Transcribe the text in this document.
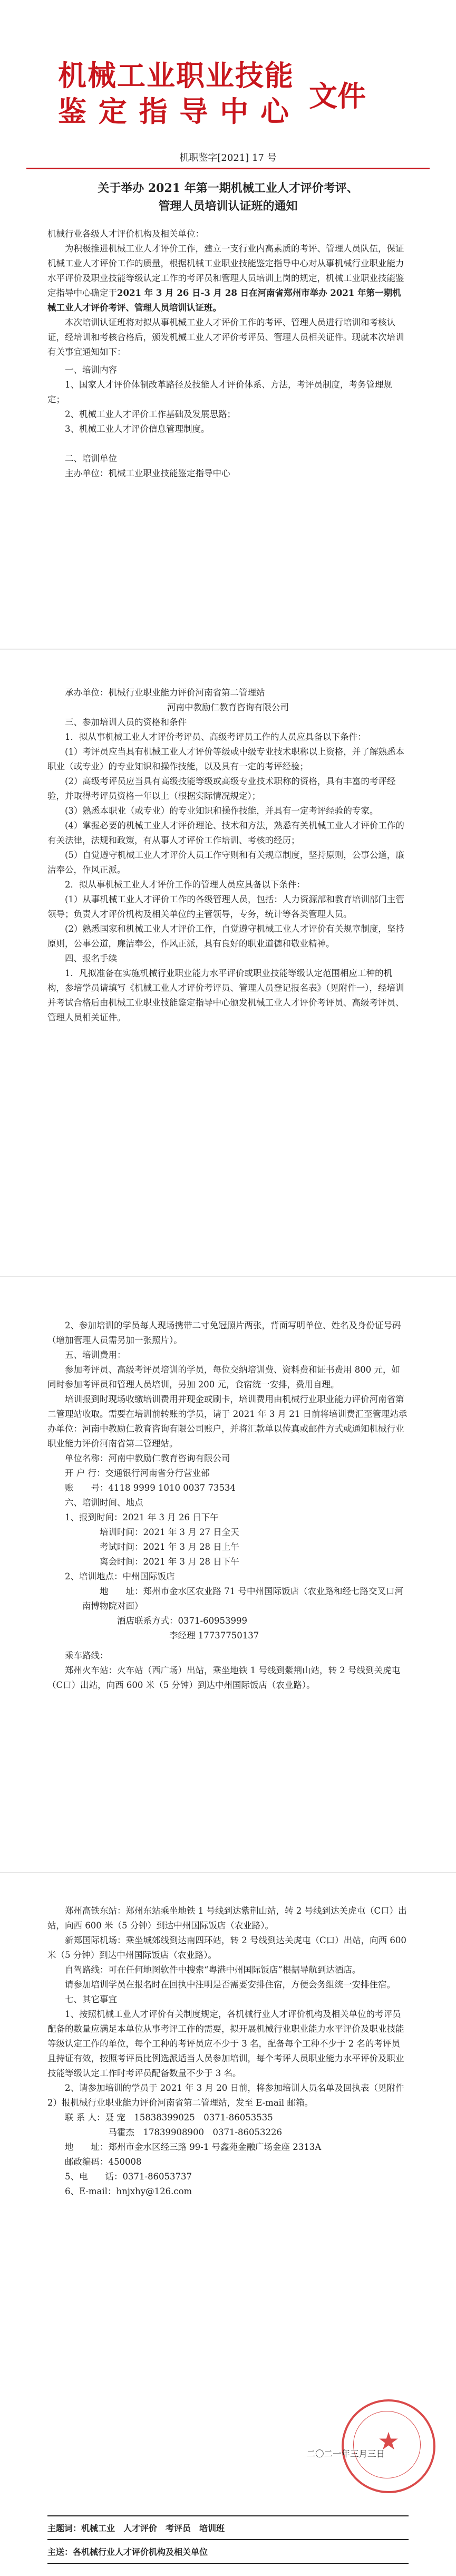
机械工业职业技能
鉴 定 指 导 中 心 文件
机职鉴字[2021] 17 号
关于举办 2021 年第一期机械工业人才评价考评、
管理人员培训认证班的通知

机械行业各级人才评价机构及相关单位：

为积极推进机械工业人才评价工作，建立一支行业内高素质的考评、管理人员队伍，保证机械工业人才评价工作的质量，根据机械工业职业技能鉴定指导中心对从事机械行业职业能力水平评价及职业技能等级认定工作的考评员和管理人员培训上岗的规定，机械工业职业技能鉴定指导中心确定于2021 年 3 月 26 日-3 月 28 日在河南省郑州市举办 2021 年第一期机械工业人才评价考评、管理人员培训认证班。

本次培训认证班将对拟从事机械工业人才评价工作的考评、管理人员进行培训和考核认证，经培训和考核合格后，颁发机械工业人才评价考评员、管理人员相关证件。现就本次培训有关事宜通知如下：

一、培训内容

1、国家人才评价体制改革路径及技能人才评价体系、方法，考评员制度，考务管理规定；

2、机械工业人才评价工作基础及发展思路；

3、机械工业人才评价信息管理制度。

二、培训单位

主办单位：机械工业职业技能鉴定指导中心

承办单位：机械行业职业能力评价河南省第二管理站

河南中教励仁教育咨询有限公司

三、参加培训人员的资格和条件

1．拟从事机械工业人才评价考评员、高级考评员工作的人员应具备以下条件：

(1）考评员应当具有机械工业人才评价等级或中级专业技术职称以上资格，并了解熟悉本职业（或专业）的专业知识和操作技能，以及具有一定的考评经验；

(2）高级考评员应当具有高级技能等级或高级专业技术职称的资格，具有丰富的考评经验，并取得考评员资格一年以上（根据实际情况规定）；

(3）熟悉本职业（或专业）的专业知识和操作技能，并具有一定考评经验的专家。

(4）掌握必要的机械工业人才评价理论、技术和方法，熟悉有关机械工业人才评价工作的有关法律，法规和政策，有从事人才评价工作培训、考核的经历；

(5）自觉遵守机械工业人才评价人员工作守则和有关规章制度，坚持原则，公事公道，廉洁奉公，作风正派。

2．拟从事机械工业人才评价工作的管理人员应具备以下条件：

(1）从事机械工业人才评价工作的各级管理人员，包括：人力资源部和教育培训部门主管领导；负责人才评价机构及相关单位的主管领导，专务，统计等各类管理人员。

(2）熟悉国家和机械工业人才评价工作，自觉遵守机械工业人才评价有关规章制度，坚持原则，公事公道，廉洁奉公，作风正派，具有良好的职业道德和敬业精神。

四、报名手续

1．凡拟准备在实施机械行业职业能力水平评价或职业技能等级认定范围相应工种的机构，参培学员请填写《机械工业人才评价考评员、管理人员登记报名表》（见附件一），经培训并考试合格后由机械工业职业技能鉴定指导中心颁发机械工业人才评价考评员、高级考评员、管理人员相关证件。

2、参加培训的学员每人现场携带二寸免冠照片两张，背面写明单位、姓名及身份证号码（增加管理人员需另加一张照片）。

五、培训费用：

参加考评员、高级考评员培训的学员，每位交纳培训费、资料费和证书费用 800 元，如同时参加考评员和管理人员培训，另加 200 元，食宿统一安排，费用自理。

培训报到时现场收缴培训费用并现金或刷卡，培训费用由机械行业职业能力评价河南省第二管理站收取。需要在培训前转账的学员，请于 2021 年 3 月 21 日前将培训费汇至管理站承办单位：河南中教励仁教育咨询有限公司账户，并将汇款单以传真或邮件方式或通知机械行业职业能力评价河南省第二管理站。

单位名称：河南中教励仁教育咨询有限公司

开 户 行：交通银行河南省分行营业部

账　　号：4118 9999 1010 0037 73534

六、培训时间、地点

1、报到时间：2021 年 3 月 26 日下午

培训时间：2021 年 3 月 27 日全天

考试时间：2021 年 3 月 28 日上午

离会时间：2021 年 3 月 28 日下午

2、培训地点：中州国际饭店

地　　址：郑州市金水区农业路 71 号中州国际饭店（农业路和经七路交叉口河南博物院对面）

酒店联系方式：0371-60953999

李经理 17737750137

乘车路线：

郑州火车站：火车站（西广场）出站，乘坐地铁 1 号线到紫荆山站，转 2 号线到关虎屯（C口）出站，向西 600 米（5 分钟）到达中州国际饭店（农业路）。

郑州高铁东站：郑州东站乘坐地铁 1 号线到达紫荆山站，转 2 号线到达关虎屯（C口）出站，向西 600 米（5 分钟）到达中州国际饭店（农业路）。

新郑国际机场：乘坐城郊线到达南四环站，转 2 号线到达关虎屯（C口）出站，向西 600 米（5 分钟）到达中州国际饭店（农业路）。

自驾路线：可在任何地图软件中搜索“粤港中州国际饭店”根据导航到达酒店。

请参加培训学员在报名时在回执中注明是否需要安排住宿，方便会务组统一安排住宿。

七、其它事宜

1、按照机械工业人才评价有关制度规定，各机械行业人才评价机构及相关单位的考评员配备的数量应满足本单位从事考评工作的需要，拟开展机械行业职业能力水平评价及职业技能等级认定工作的单位，每个工种的考评员应不少于 3 名，配备每个工种不少于 2 名的考评员且持证有效，按照考评员比例选派适当人员参加培训，每个考评人员职业能力水平评价及职业技能等级认定工作时考评员配备数量不少于 3 名。

2、请参加培训的学员于 2021 年 3 月 20 日前，将参加培训人员名单及回执表（见附件 2）报机械行业职业能力评价河南省第二管理站，发至 E-mail 邮箱。

联 系 人：聂 宠　15838399025　0371-86053535

马霍杰　17839908900　0371-86053226

地　　址：郑州市金水区经三路 99-1 号鑫苑金融广场金座 2313A

邮政编码：450008

5、电　　话：0371-86053737

6、E-mail：hnjxhy@126.com

★
二〇二一年三月三日
主题词：机械工业　人才评价　考评员　培训班
主送：各机械行业人才评价机构及相关单位
